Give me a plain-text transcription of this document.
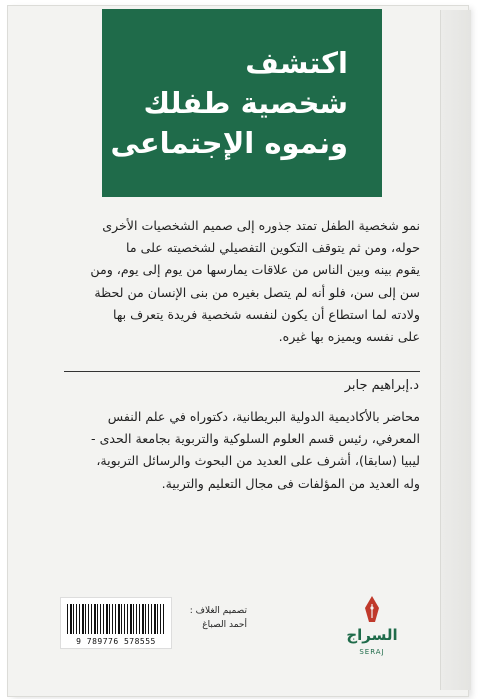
اكتشف
شخصية طفلك
ونموه الإجتماعى

نمو شخصية الطفل تمتد جذوره إلى صميم الشخصيات الأخرى

حوله، ومن ثم يتوقف التكوين التفصيلي لشخصيته على ما

يقوم بينه وبين الناس من علاقات يمارسها من يوم إلى يوم، ومن

سن إلى سن، فلو أنه لم يتصل بغيره من بنى الإنسان من لحظة

ولادته لما استطاع أن يكون لنفسه شخصية فريدة يتعرف بها

على نفسه ويميزه بها غيره.

د.إبراهيم جابر

محاضر بالأكاديمية الدولية البريطانية، دكتوراه في علم النفس

المعرفي، رئيس قسم العلوم السلوكية والتربوية بجامعة الحدى -

ليبيا (سابقا)، أشرف على العديد من البحوث والرسائل التربوية،

وله العديد من المؤلفات فى مجال التعليم والتربية.

9 789776 578555
تصميم الغلاف :
أحمد الصباغ
السراج
SERAJ
